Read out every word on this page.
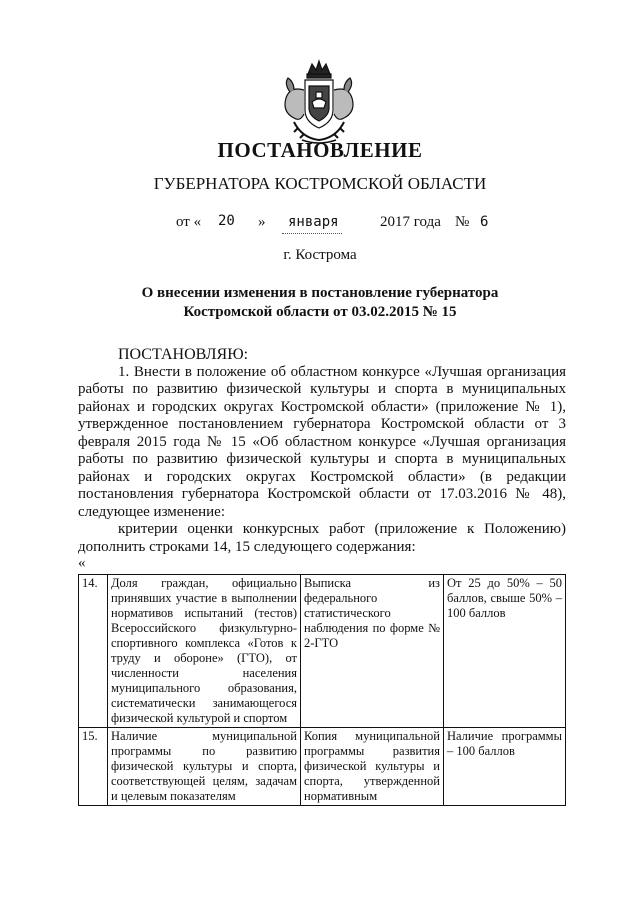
ПОСТАНОВЛЕНИЕ
ГУБЕРНАТОРА КОСТРОМСКОЙ ОБЛАСТИ
от « 20 » января	2017 года № 6
г. Кострома
О внесении изменения в постановление губернатора
Костромской области от 03.02.2015 № 15

ПОСТАНОВЛЯЮ:

1. Внести в положение об областном конкурсе «Лучшая организация работы по развитию физической культуры и спорта в муниципальных районах и городских округах Костромской области» (приложение № 1), утвержденное постановлением губернатора Костромской области от 3 февраля 2015 года № 15 «Об областном конкурсе «Лучшая организация работы по развитию физической культуры и спорта в муниципальных районах и городских округах Костромской области» (в редакции постановления губернатора Костромской области от 17.03.2016 № 48), следующее изменение:

критерии оценки конкурсных работ (приложение к Положению) дополнить строками 14, 15 следующего содержания:

«

14.	Доля граждан, официально принявших участие в выполнении нормативов испытаний (тестов) Всероссийского физкультурно-спортивного комплекса «Готов к труду и обороне» (ГТО), от численности населения муниципального образования, систематически занимающегося физической культурой и спортом	Выписка из федерального статистического наблюдения по форме № 2-ГТО	От 25 до 50% – 50 баллов, свыше 50% – 100 баллов
15.	Наличие муниципальной программы по развитию физической культуры и спорта, соответствующей целям, задачам и целевым показателям	Копия муниципальной программы развития физической культуры и спорта, утвержденной нормативным	Наличие программы – 100 баллов
